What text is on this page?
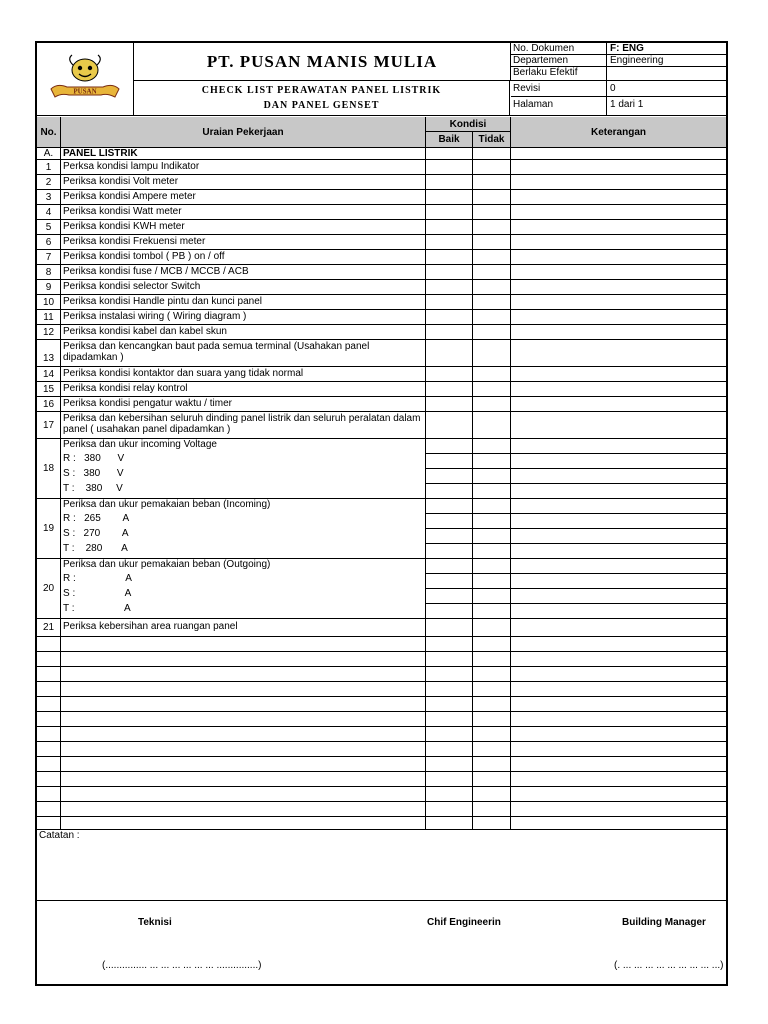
PUSAN
PT. PUSAN MANIS MULIA
CHECK LIST PERAWATAN PANEL LISTRIK
DAN PANEL GENSET
No. Dokumen	F: ENG
Departemen	Engineering
Berlaku Efektif
Revisi	0
Halaman	1 dari 1
No.	Uraian Pekerjaan
Kondisi
Baik	Tidak
Keterangan
A. PANEL LISTRIK
1	Perksa kondisi lampu Indikator
2	Periksa kondisi Volt meter
3	Periksa kondisi Ampere meter
4	Periksa kondisi Watt meter
5	Periksa kondisi KWH meter
6	Periksa kondisi Frekuensi meter
7	Periksa kondisi tombol ( PB ) on / off
8	Periksa kondisi fuse / MCB / MCCB / ACB
9	Periksa kondisi selector Switch
10 Periksa kondisi Handle pintu dan kunci panel
11 Periksa instalasi wiring ( Wiring diagram )
12 Periksa kondisi kabel dan kabel skun
13
Periksa dan kencangkan baut pada semua terminal (Usahakan panel dipadamkan )
14 Periksa kondisi kontaktor dan suara yang tidak normal
15 Periksa kondisi relay kontrol
16 Periksa kondisi pengatur waktu / timer
17
Periksa dan kebersihan seluruh dinding panel listrik dan seluruh peralatan dalam panel ( usahakan panel dipadamkan )
18
Periksa dan ukur incoming Voltage
R :   380      V
S :   380      V
T :    380     V
19
Periksa dan ukur pemakaian beban (Incoming)
R :   265        A
S :   270        A
T :    280       A
20
Periksa dan ukur pemakaian beban (Outgoing)
R :                  A
S :                  A
T :                  A
21 Periksa kebersihan area ruangan panel
Catatan :
Teknisi	Chif Engineerin	Building Manager
(............... ... ... ... ... ... ... ...............)	(. ... ... ... ... ... ... ... ... ...)
